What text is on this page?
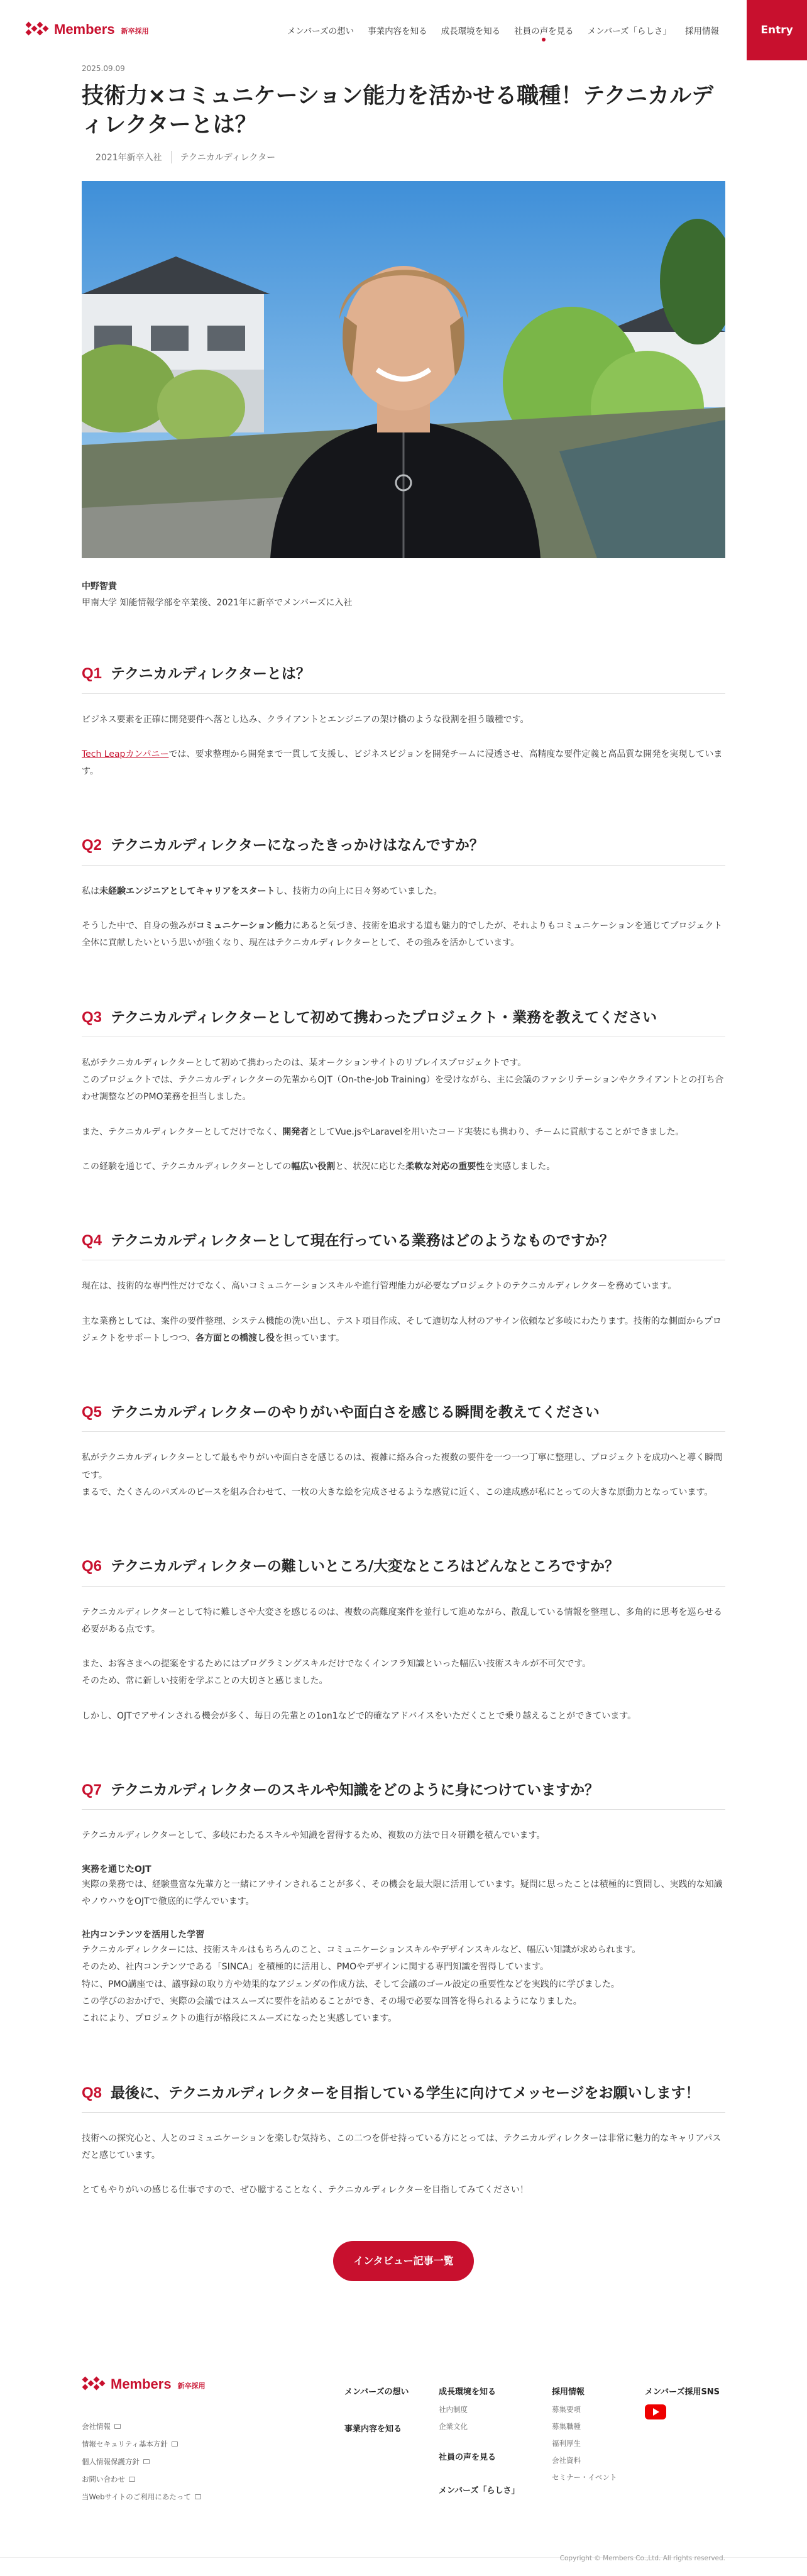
Members 新卒採用	メンバーズの想い 事業内容を知る 成長環境を知る 社員の声を見る メンバーズ「らしさ」 採用情報	Entry
2025.09.09
技術力×コミュニケーション能力を活かせる職種！テクニカルディレクターとは？
2021年新卒入社	テクニカルディレクター
中野智貴
甲南大学 知能情報学部を卒業後、2021年に新卒でメンバーズに入社
Q1 テクニカルディレクターとは？

ビジネス要素を正確に開発要件へ落とし込み、クライアントとエンジニアの架け橋のような役割を担う職種です。

Tech Leapカンパニーでは、要求整理から開発まで一貫して支援し、ビジネスビジョンを開発チームに浸透させ、高精度な要件定義と高品質な開発を実現しています。

Q2 テクニカルディレクターになったきっかけはなんですか？

私は未経験エンジニアとしてキャリアをスタートし、技術力の向上に日々努めていました。

そうした中で、自身の強みがコミュニケーション能力にあると気づき、技術を追求する道も魅力的でしたが、それよりもコミュニケーションを通じてプロジェクト全体に貢献したいという思いが強くなり、現在はテクニカルディレクターとして、その強みを活かしています。

Q3 テクニカルディレクターとして初めて携わったプロジェクト・業務を教えてください

私がテクニカルディレクターとして初めて携わったのは、某オークションサイトのリプレイスプロジェクトです。
このプロジェクトでは、テクニカルディレクターの先輩からOJT（On-the-Job Training）を受けながら、主に会議のファシリテーションやクライアントとの打ち合わせ調整などのPMO業務を担当しました。

また、テクニカルディレクターとしてだけでなく、開発者としてVue.jsやLaravelを用いたコード実装にも携わり、チームに貢献することができました。

この経験を通じて、テクニカルディレクターとしての幅広い役割と、状況に応じた柔軟な対応の重要性を実感しました。

Q4 テクニカルディレクターとして現在行っている業務はどのようなものですか？

現在は、技術的な専門性だけでなく、高いコミュニケーションスキルや進行管理能力が必要なプロジェクトのテクニカルディレクターを務めています。

主な業務としては、案件の要件整理、システム機能の洗い出し、テスト項目作成、そして適切な人材のアサイン依頼など多岐にわたります。技術的な側面からプロジェクトをサポートしつつ、各方面との橋渡し役を担っています。

Q5 テクニカルディレクターのやりがいや面白さを感じる瞬間を教えてください

私がテクニカルディレクターとして最もやりがいや面白さを感じるのは、複雑に絡み合った複数の要件を一つ一つ丁寧に整理し、プロジェクトを成功へと導く瞬間です。
まるで、たくさんのパズルのピースを組み合わせて、一枚の大きな絵を完成させるような感覚に近く、この達成感が私にとっての大きな原動力となっています。

Q6 テクニカルディレクターの難しいところ/大変なところはどんなところですか？

テクニカルディレクターとして特に難しさや大変さを感じるのは、複数の高難度案件を並行して進めながら、散乱している情報を整理し、多角的に思考を巡らせる必要がある点です。

また、お客さまへの提案をするためにはプログラミングスキルだけでなくインフラ知識といった幅広い技術スキルが不可欠です。
そのため、常に新しい技術を学ぶことの大切さと感じました。

しかし、OJTでアサインされる機会が多く、毎日の先輩との1on1などで的確なアドバイスをいただくことで乗り越えることができています。

Q7 テクニカルディレクターのスキルや知識をどのように身につけていますか？

テクニカルディレクターとして、多岐にわたるスキルや知識を習得するため、複数の方法で日々研鑽を積んでいます。

実務を通じたOJT

実際の業務では、経験豊富な先輩方と一緒にアサインされることが多く、その機会を最大限に活用しています。疑問に思ったことは積極的に質問し、実践的な知識やノウハウをOJTで徹底的に学んでいます。

社内コンテンツを活用した学習

テクニカルディレクターには、技術スキルはもちろんのこと、コミュニケーションスキルやデザインスキルなど、幅広い知識が求められます。
そのため、社内コンテンツである「SINCA」を積極的に活用し、PMOやデザインに関する専門知識を習得しています。
特に、PMO講座では、議事録の取り方や効果的なアジェンダの作成方法、そして会議のゴール設定の重要性などを実践的に学びました。
この学びのおかげで、実際の会議ではスムーズに要件を詰めることができ、その場で必要な回答を得られるようになりました。
これにより、プロジェクトの進行が格段にスムーズになったと実感しています。

Q8 最後に、テクニカルディレクターを目指している学生に向けてメッセージをお願いします！

技術への探究心と、人とのコミュニケーションを楽しむ気持ち、この二つを併せ持っている方にとっては、テクニカルディレクターは非常に魅力的なキャリアパスだと感じています。

とてもやりがいの感じる仕事ですので、ぜひ臆することなく、テクニカルディレクターを目指してみてください！

インタビュー記事一覧
Members 新卒採用
会社情報
情報セキュリティ基本方針
個人情報保護方針
お問い合わせ
当Webサイトのご利用にあたって
メンバーズの想い
事業内容を知る
成長環境を知る
社内制度
企業文化
社員の声を見る
メンバーズ「らしさ」
採用情報
募集要項
募集職種
福利厚生
会社資料
セミナー・イベント
メンバーズ採用SNS
Copyright © Members Co.,Ltd. All rights reserved.
